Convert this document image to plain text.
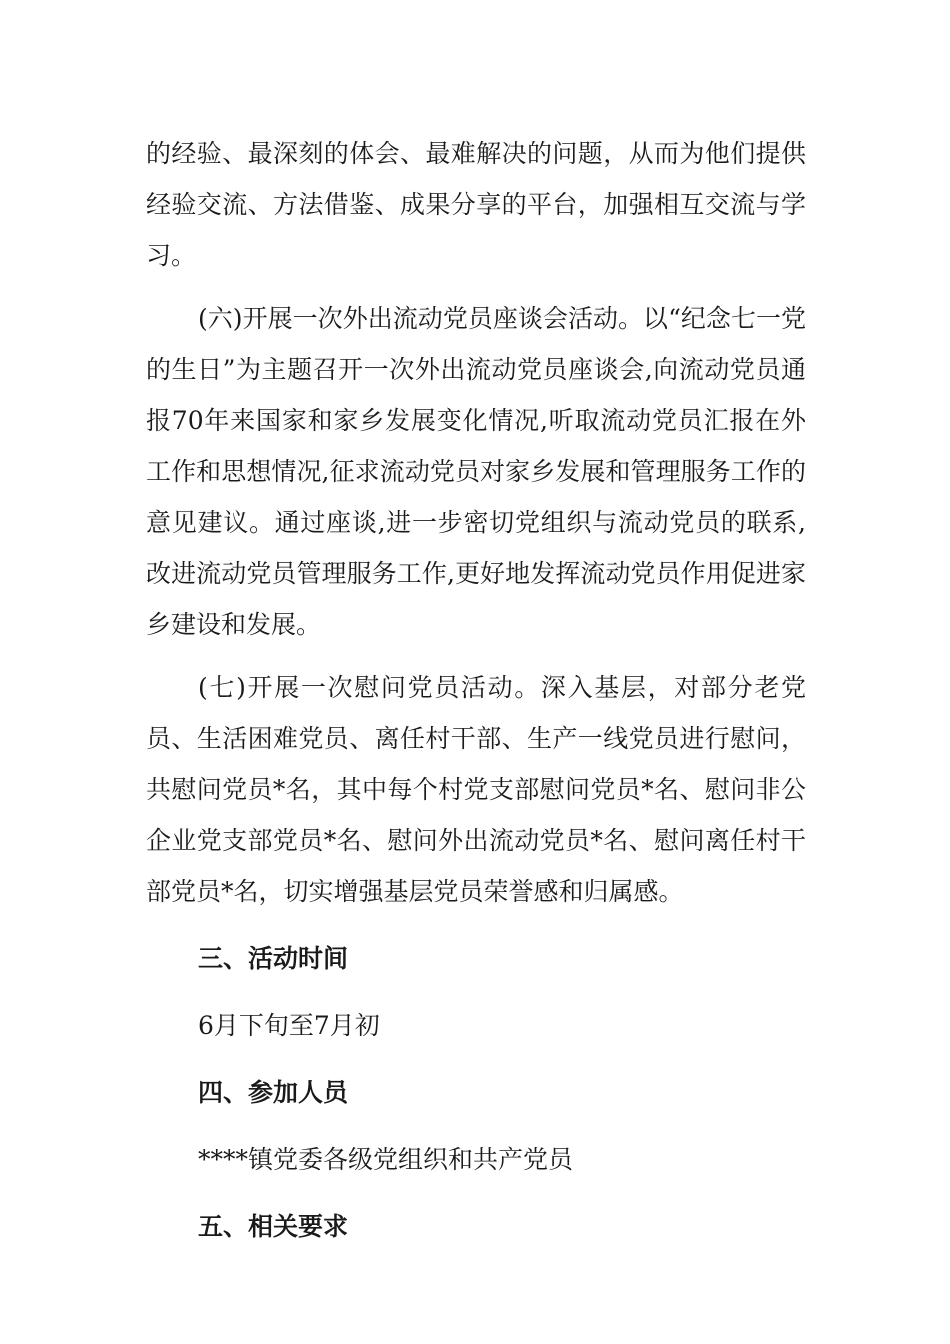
的经验、最深刻的体会、最难解决的问题，从而为他们提供经验交流、方法借鉴、成果分享的平台，加强相互交流与学习。

(六)开展一次外出流动党员座谈会活动。以“纪念七一党的生日”为主题召开一次外出流动党员座谈会,向流动党员通报70年来国家和家乡发展变化情况,听取流动党员汇报在外工作和思想情况,征求流动党员对家乡发展和管理服务工作的意见建议。通过座谈,进一步密切党组织与流动党员的联系,改进流动党员管理服务工作,更好地发挥流动党员作用促进家乡建设和发展。

(七)开展一次慰问党员活动。深入基层，对部分老党员、生活困难党员、离任村干部、生产一线党员进行慰问，共慰问党员*名，其中每个村党支部慰问党员*名、慰问非公企业党支部党员*名、慰问外出流动党员*名、慰问离任村干部党员*名，切实增强基层党员荣誉感和归属感。

三、活动时间

6月下旬至7月初

四、参加人员

****镇党委各级党组织和共产党员

五、相关要求
